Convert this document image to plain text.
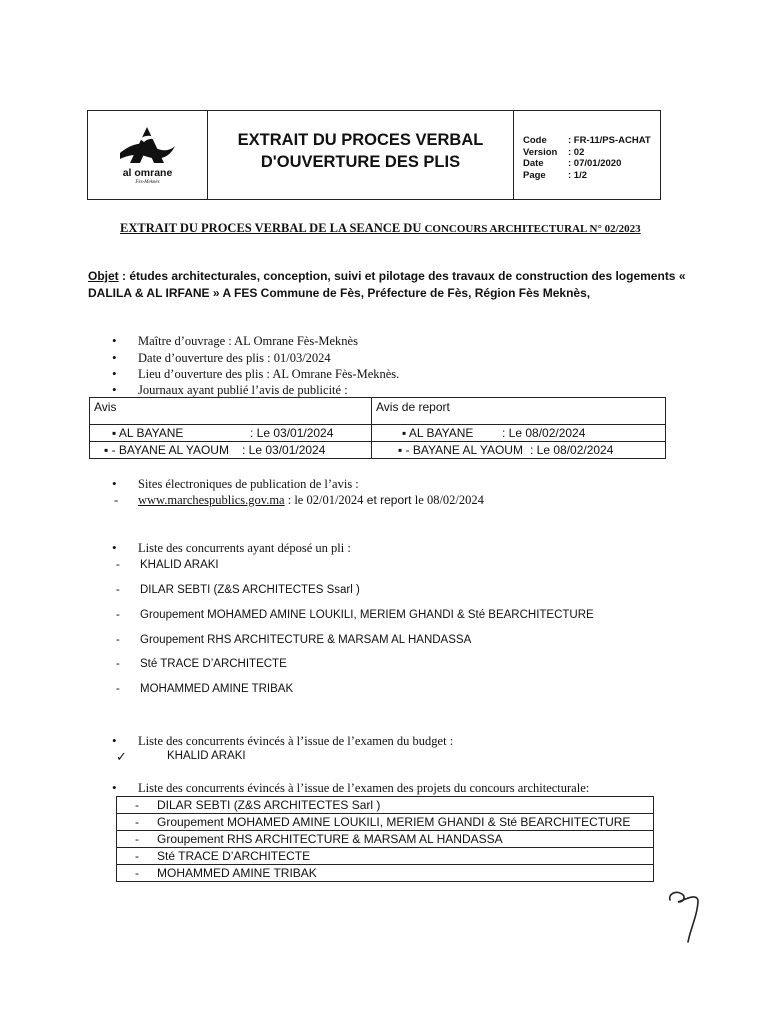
al omrane
Fès-Meknès
EXTRAIT DU PROCES VERBAL
D'OUVERTURE DES PLIS
Code	: FR-11/PS-ACHAT
Version	: 02
Date	: 07/01/2020
Page	: 1/2
EXTRAIT DU PROCES VERBAL DE LA SEANCE DU CONCOURS ARCHITECTURAL N° 02/2023
Objet : études architecturales, conception, suivi et pilotage des travaux de construction des logements « DALILA & AL IRFANE » A FES Commune de Fès, Préfecture de Fès, Région Fès Meknès,
• Maître d’ouvrage : AL Omrane Fès-Meknès
• Date d’ouverture des plis : 01/03/2024
• Lieu d’ouverture des plis : AL Omrane Fès-Meknès.
• Journaux ayant publié l’avis de publicité :
Avis	Avis de report
▪ AL BAYANE : Le 03/01/2024	▪ AL BAYANE : Le 08/02/2024
▪ - BAYANE AL YAOUM : Le 03/01/2024	▪ - BAYANE AL YAOUM : Le 08/02/2024
• Sites électroniques de publication de l’avis :
- www.marchespublics.gov.ma : le 02/01/2024 et report le 08/02/2024
• Liste des concurrents ayant déposé un pli :
- KHALID ARAKI
- DILAR SEBTI (Z&S ARCHITECTES Ssarl )
- Groupement MOHAMED AMINE LOUKILI, MERIEM GHANDI & Sté BEARCHITECTURE
- Groupement RHS ARCHITECTURE & MARSAM AL HANDASSA
- Sté TRACE D’ARCHITECTE
- MOHAMMED AMINE TRIBAK
• Liste des concurrents évincés à l’issue de l’examen du budget :
✓	KHALID ARAKI
• Liste des concurrents évincés à l’issue de l’examen des projets du concours architecturale:
- DILAR SEBTI (Z&S ARCHITECTES Sarl )
- Groupement MOHAMED AMINE LOUKILI, MERIEM GHANDI & Sté BEARCHITECTURE
- Groupement RHS ARCHITECTURE & MARSAM AL HANDASSA
- Sté TRACE D’ARCHITECTE
- MOHAMMED AMINE TRIBAK
